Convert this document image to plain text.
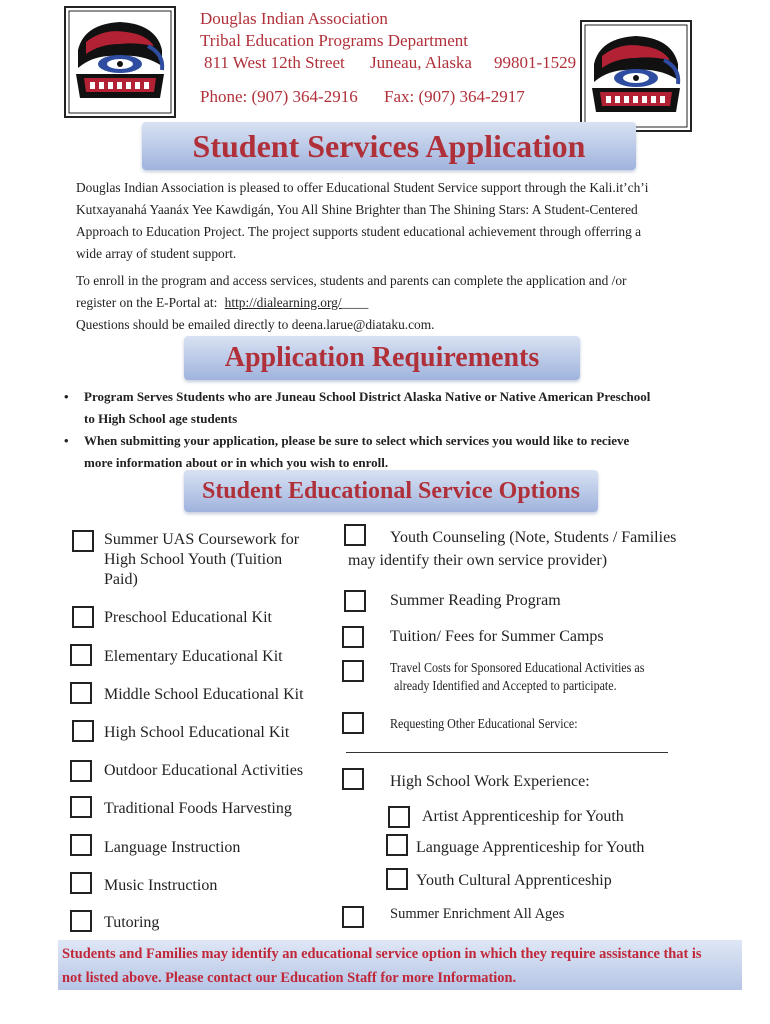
Douglas Indian Association
Tribal Education Programs Department
811 West 12th Street Juneau, Alaska 99801-1529
Phone: (907) 364-2916 Fax: (907) 364-2917
Student Services Application
Douglas Indian Association is pleased to offer Educational Student Service support through the Kali.it’ch’i
Kutxayanahá Yaanáx Yee Kawdigán, You All Shine Brighter than The Shining Stars: A Student-Centered
Approach to Education Project. The project supports student educational achievement through offerring a
wide array of student support.
To enroll in the program and access services, students and parents can complete the application and /or
register on the E-Portal at: http://dialearning.org/____
Questions should be emailed directly to deena.larue@diataku.com.
Application Requirements
• Program Serves Students who are Juneau School District Alaska Native or Native American Preschool
to High School age students
• When submitting your application, please be sure to select which services you would like to recieve
more information about or in which you wish to enroll.
Student Educational Service Options
Summer UAS Coursework for
High School Youth (Tuition
Paid)
Preschool Educational Kit
Elementary Educational Kit
Middle School Educational Kit
High School Educational Kit
Outdoor Educational Activities
Traditional Foods Harvesting
Language Instruction
Music Instruction
Tutoring
Youth Counseling (Note, Students / Families
may identify their own service provider)
Summer Reading Program
Tuition/ Fees for Summer Camps
Travel Costs for Sponsored Educational Activities as
already Identified and Accepted to participate.
Requesting Other Educational Service:
High School Work Experience:
Artist Apprenticeship for Youth
Language Apprenticeship for Youth
Youth Cultural Apprenticeship
Summer Enrichment All Ages
Students and Families may identify an educational service option in which they require assistance that is
not listed above. Please contact our Education Staff for more Information.
